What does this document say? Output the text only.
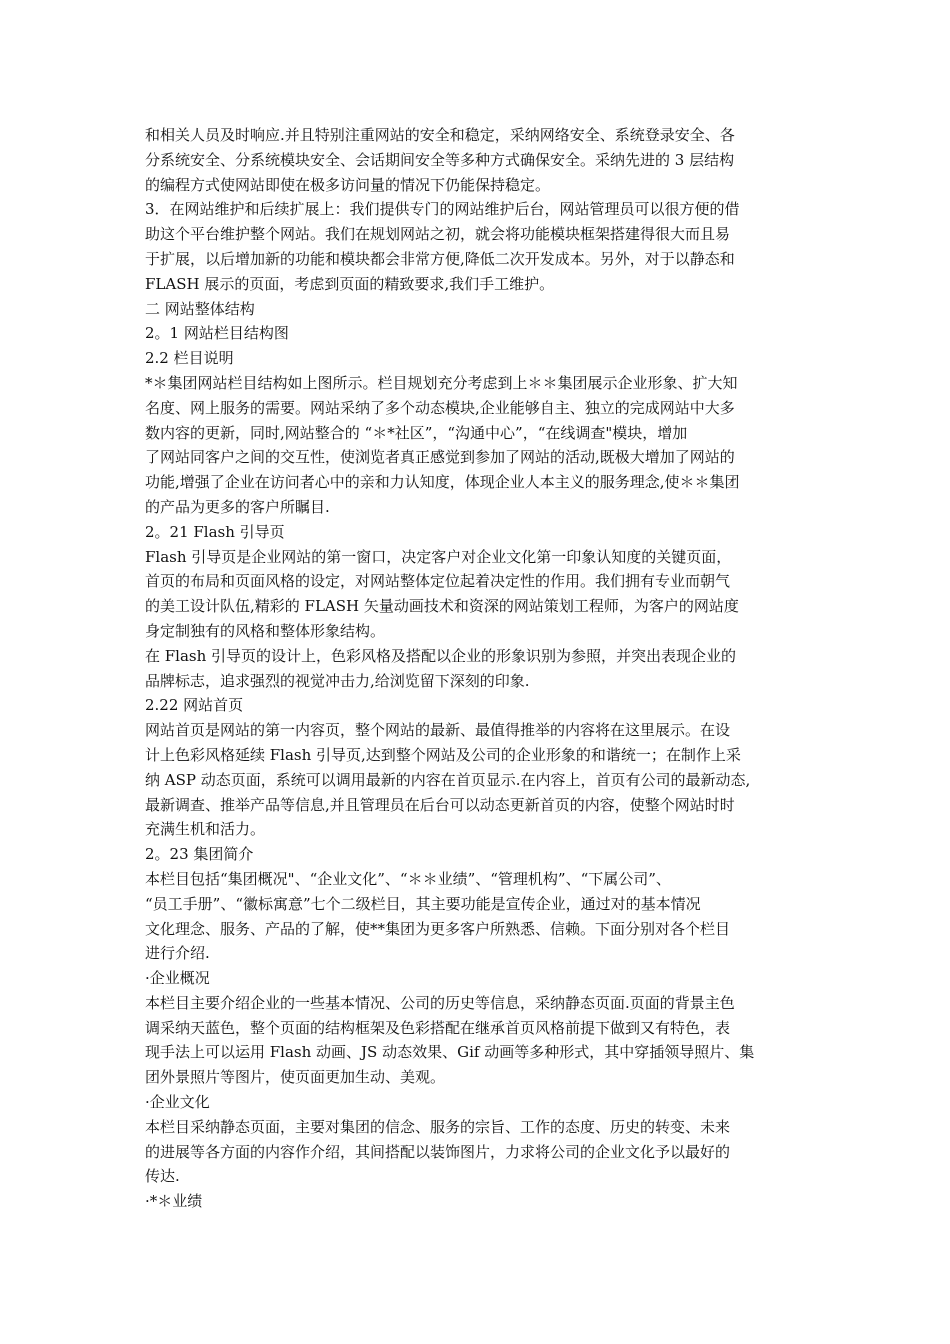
和相关人员及时响应.并且特别注重网站的安全和稳定，采纳网络安全、系统登录安全、各

分系统安全、分系统模块安全、会话期间安全等多种方式确保安全。采纳先进的 3 层结构

的编程方式使网站即使在极多访问量的情况下仍能保持稳定。

3．在网站维护和后续扩展上：我们提供专门的网站维护后台，网站管理员可以很方便的借

助这个平台维护整个网站。我们在规划网站之初，就会将功能模块框架搭建得很大而且易

于扩展，以后增加新的功能和模块都会非常方便,降低二次开发成本。另外，对于以静态和

FLASH 展示的页面，考虑到页面的精致要求,我们手工维护。

二 网站整体结构

2。1 网站栏目结构图

2.2 栏目说明

*＊集团网站栏目结构如上图所示。栏目规划充分考虑到上＊＊集团展示企业形象、扩大知

名度、网上服务的需要。网站采纳了多个动态模块,企业能够自主、独立的完成网站中大多

数内容的更新，同时,网站整合的 “＊*社区”，“沟通中心”，“在线调查"模块，增加

了网站同客户之间的交互性，使浏览者真正感觉到参加了网站的活动,既极大增加了网站的

功能,增强了企业在访问者心中的亲和力认知度，体现企业人本主义的服务理念,使＊＊集团

的产品为更多的客户所瞩目.

2。21 Flash 引导页

Flash 引导页是企业网站的第一窗口，决定客户对企业文化第一印象认知度的关键页面，

首页的布局和页面风格的设定，对网站整体定位起着决定性的作用。我们拥有专业而朝气

的美工设计队伍,精彩的 FLASH 矢量动画技术和资深的网站策划工程师，为客户的网站度

身定制独有的风格和整体形象结构。

在 Flash 引导页的设计上，色彩风格及搭配以企业的形象识别为参照，并突出表现企业的

品牌标志，追求强烈的视觉冲击力,给浏览留下深刻的印象.

2.22 网站首页

网站首页是网站的第一内容页，整个网站的最新、最值得推举的内容将在这里展示。在设

计上色彩风格延续 Flash 引导页,达到整个网站及公司的企业形象的和谐统一；在制作上采

纳 ASP 动态页面，系统可以调用最新的内容在首页显示.在内容上，首页有公司的最新动态,

最新调查、推举产品等信息,并且管理员在后台可以动态更新首页的内容，使整个网站时时

充满生机和活力。

2。23 集团简介

本栏目包括“集团概况"、“企业文化”、“＊＊业绩”、“管理机构”、“下属公司”、

“员工手册”、“徽标寓意”七个二级栏目，其主要功能是宣传企业，通过对的基本情况

文化理念、服务、产品的了解，使**集团为更多客户所熟悉、信赖。下面分别对各个栏目

进行介绍.

·企业概况

本栏目主要介绍企业的一些基本情况、公司的历史等信息，采纳静态页面.页面的背景主色

调采纳天蓝色，整个页面的结构框架及色彩搭配在继承首页风格前提下做到又有特色，表

现手法上可以运用 Flash 动画、JS 动态效果、Gif 动画等多种形式，其中穿插领导照片、集

团外景照片等图片，使页面更加生动、美观。

·企业文化

本栏目采纳静态页面，主要对集团的信念、服务的宗旨、工作的态度、历史的转变、未来

的进展等各方面的内容作介绍，其间搭配以装饰图片，力求将公司的企业文化予以最好的

传达.

·*＊业绩
